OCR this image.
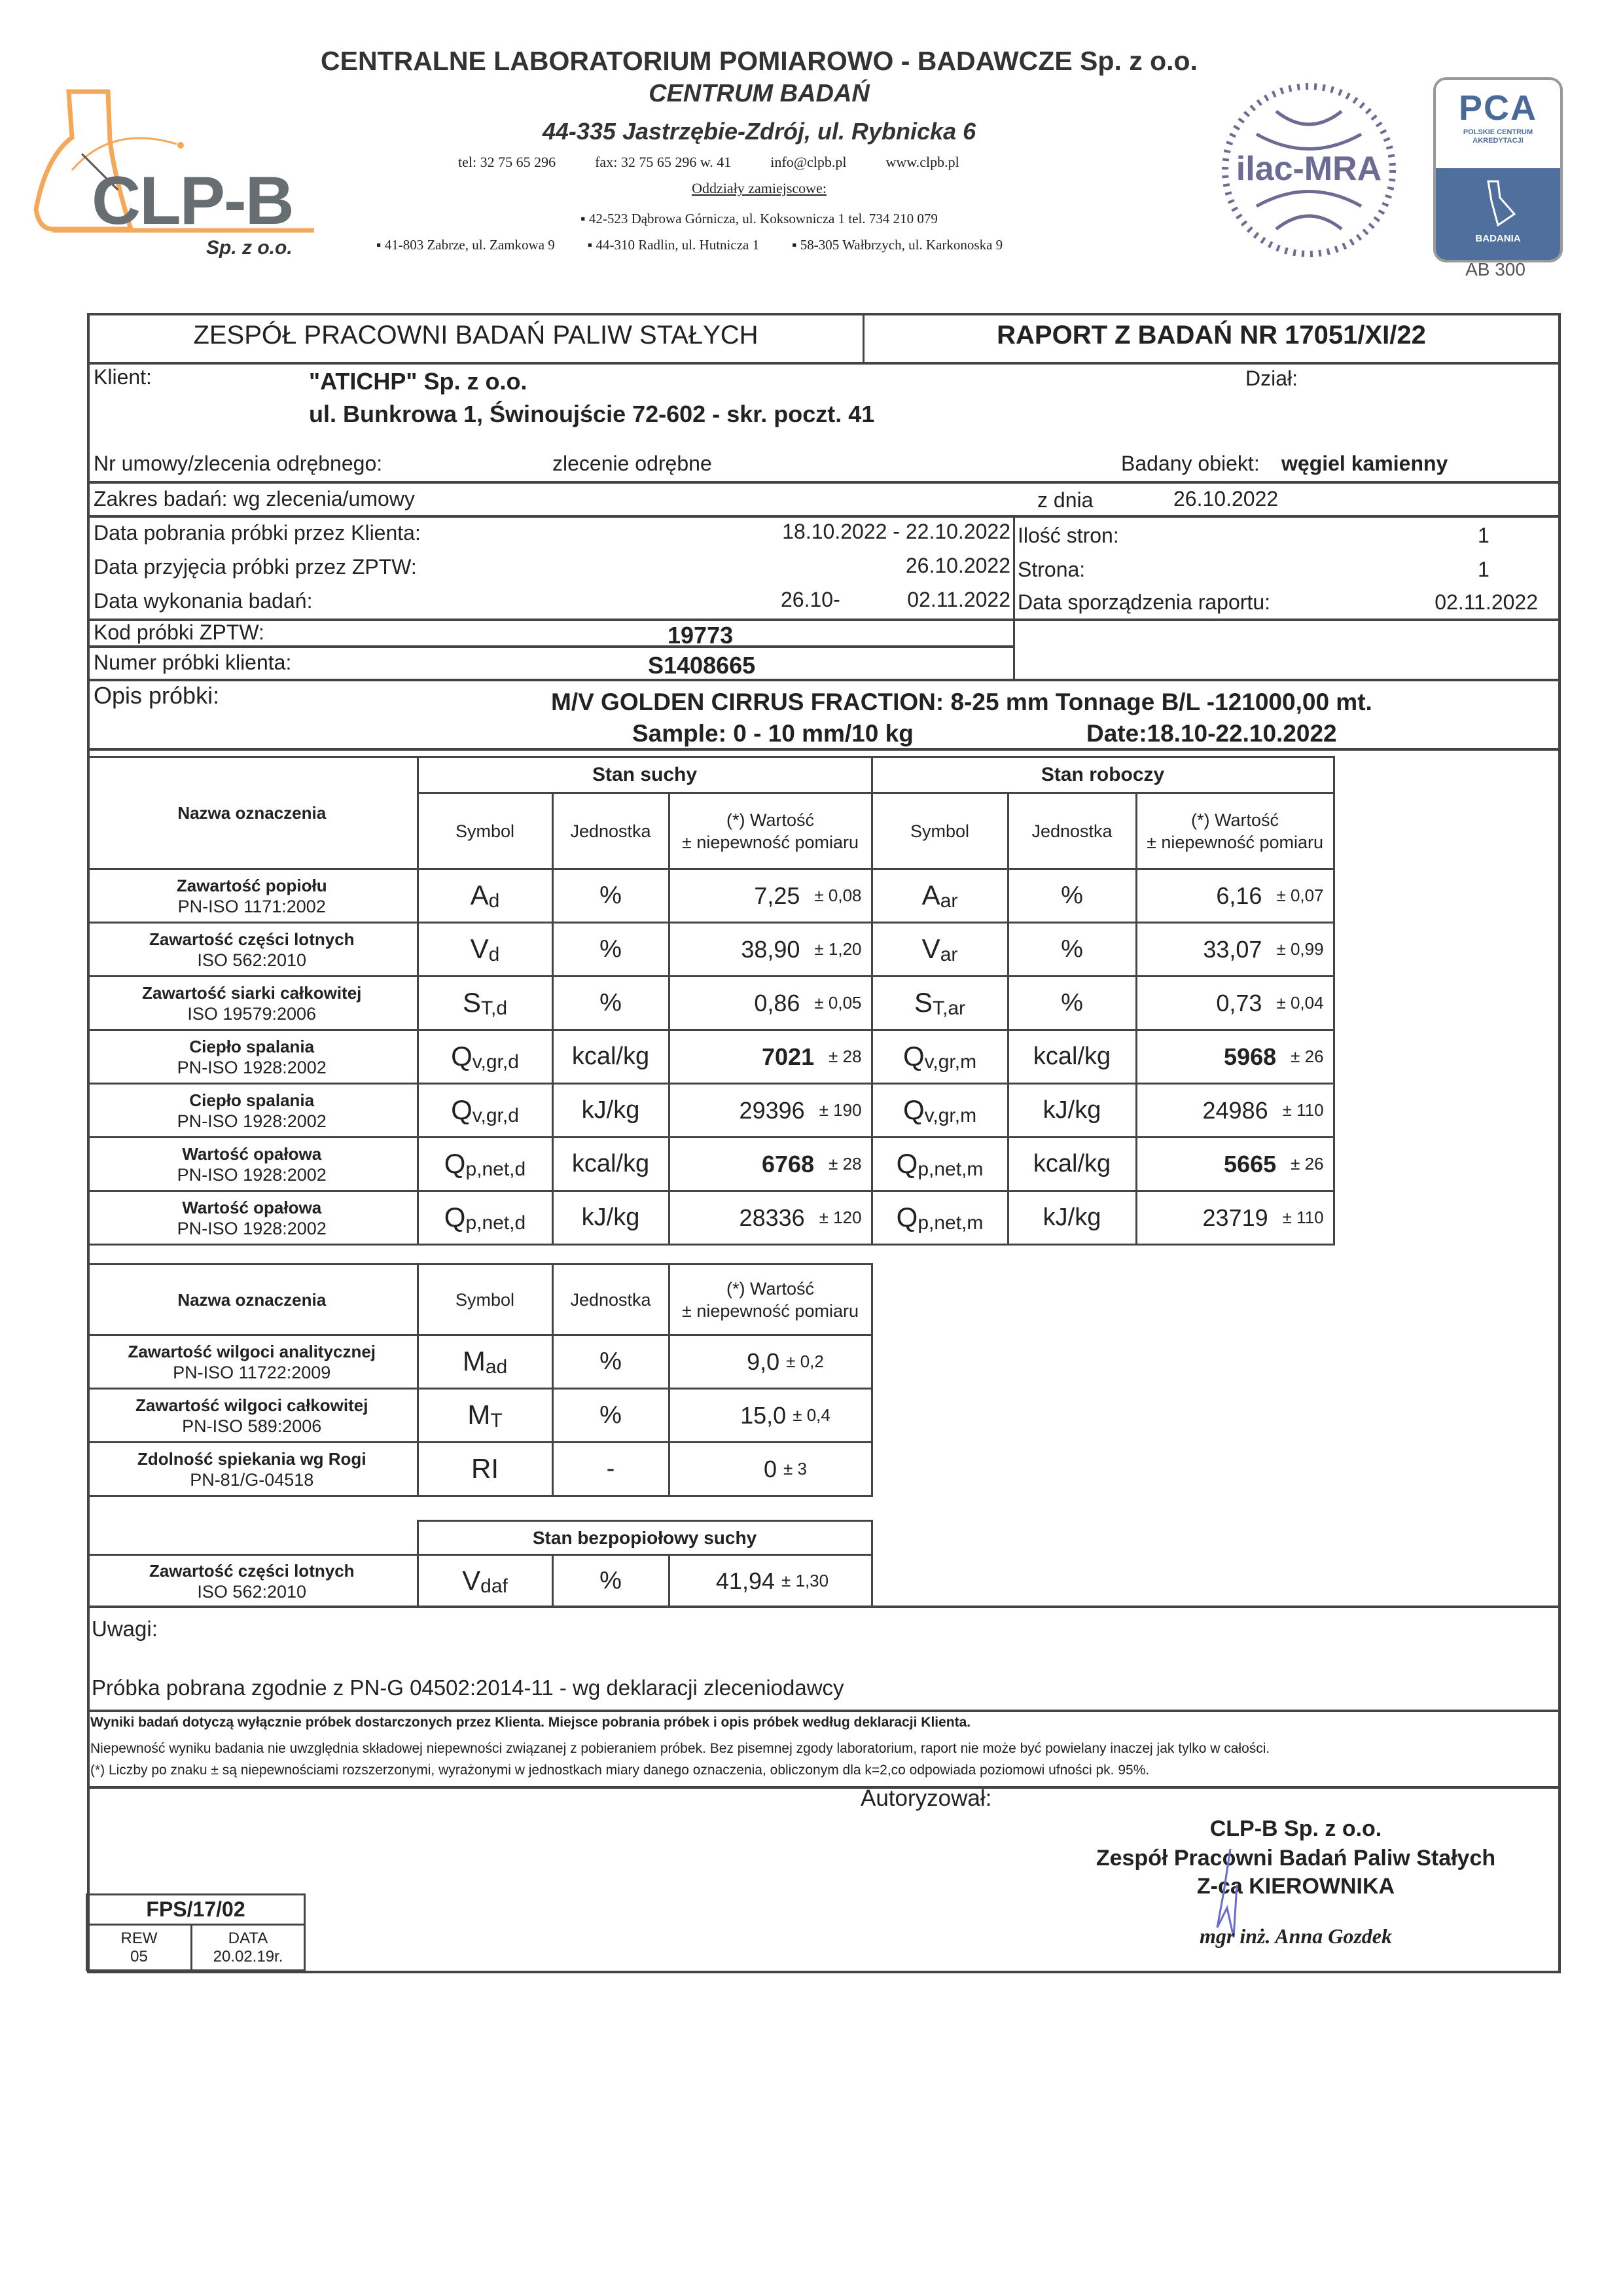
CLP-B
Sp. z o.o.
CENTRALNE LABORATORIUM POMIAROWO - BADAWCZE Sp. z o.o.
CENTRUM BADAŃ
44-335 Jastrzębie-Zdrój, ul. Rybnicka 6
tel: 32 75 65 296	fax: 32 75 65 296 w. 41	info@clpb.pl	www.clpb.pl
Oddziały zamiejscowe:
▪ 42-523 Dąbrowa Górnicza, ul. Koksownicza 1 tel. 734 210 079
▪ 41-803 Zabrze, ul. Zamkowa 9 ▪ 44-310 Radlin, ul. Hutnicza 1 ▪ 58-305 Wałbrzych, ul. Karkonoska 9
ilac-MRA
PCA
POLSKIE CENTRUM
AKREDYTACJI
BADANIA
AB 300
ZESPÓŁ PRACOWNI BADAŃ PALIW STAŁYCH	RAPORT Z BADAŃ NR 17051/XI/22
Klient:	"ATICHP" Sp. z o.o.
ul. Bunkrowa 1, Świnoujście 72-602 - skr. poczt. 41
Dział:
Nr umowy/zlecenia odrębnego:	zlecenie odrębne	Badany obiekt: węgiel kamienny
Zakres badań: wg zlecenia/umowy	z dnia	26.10.2022
Data pobrania próbki przez Klienta:	18.10.2022 - 22.10.2022 Ilość stron:	1
Data przyjęcia próbki przez ZPTW:	26.10.2022 Strona:	1
Data wykonania badań:	26.10-	02.11.2022 Data sporządzenia raportu:	02.11.2022
Kod próbki ZPTW:	19773
Numer próbki klienta:	S1408665
Opis próbki:	M/V GOLDEN CIRRUS FRACTION: 8-25 mm Tonnage B/L -121000,00 mt.
Sample: 0 - 10 mm/10 kg	Date:18.10-22.10.2022
Nazwa oznaczenia	Stan suchy			Stan roboczy		
Symbol	Jednostka	
(*) Wartość
± niepewność pomiaru
	Symbol	Jednostka	
(*) Wartość
± niepewność pomiaru

Zawartość popiołu
PN-ISO 1171:2002	$A_d$	%	7,25 ± 0,08	$A_{ar}$	%	6,16 ± 0,07

Zawartość części lotnych
ISO 562:2010	$V_d$	%	38,90 ± 1,20	$V_{ar}$	%	33,07 ± 0,99

Zawartość siarki całkowitej
ISO 19579:2006	$S_{T,d}$	%	0,86 ± 0,05	$S_{T,ar}$	%	0,73 ± 0,04

Ciepło spalania
PN-ISO 1928:2002	$Q_{v,gr,d}$	kcal/kg	7021 ± 28	$Q_{v,gr,m}$	kcal/kg	5968 ± 26

Ciepło spalania
PN-ISO 1928:2002	$Q_{v,gr,d}$	kJ/kg	29396 ± 190	$Q_{v,gr,m}$	kJ/kg	24986 ± 110

Wartość opałowa
PN-ISO 1928:2002	$Q_{p,net,d}$	kcal/kg	6768 ± 28	$Q_{p,net,m}$	kcal/kg	5665 ± 26

Wartość opałowa
PN-ISO 1928:2002	$Q_{p,net,d}$	kJ/kg	28336 ± 120	$Q_{p,net,m}$	kJ/kg	23719 ± 110
Nazwa oznaczenia	Symbol	Jednostka	(*) Wartość
± niepewność pomiaru

Zawartość wilgoci analitycznej
PN-ISO 11722:2009	$M_{ad}$	%	9,0 ± 0,2

Zawartość wilgoci całkowitej
PN-ISO 589:2006	$M_T$	%	15,0 ± 0,4

Zdolność spiekania wg Rogi
PN-81/G-04518	RI	-	0 ± 3
	Stan bezpopiołowy suchy		

Zawartość części lotnych
ISO 562:2010	$V_{daf}$	%	41,94 ± 1,30
Uwagi:
Próbka pobrana zgodnie z PN-G 04502:2014-11 - wg deklaracji zleceniodawcy
Wyniki badań dotyczą wyłącznie próbek dostarczonych przez Klienta. Miejsce pobrania próbek i opis próbek według deklaracji Klienta.
Niepewność wyniku badania nie uwzględnia składowej niepewności związanej z pobieraniem próbek. Bez pisemnej zgody laboratorium, raport nie może być powielany inaczej jak tylko w całości.
(*) Liczby po znaku ± są niepewnościami rozszerzonymi, wyrażonymi w jednostkach miary danego oznaczenia, obliczonym dla k=2,co odpowiada poziomowi ufności pk. 95%.
Autoryzował:
CLP-B Sp. z o.o.
Zespół Pracowni Badań Paliw Stałych
Z-ca KIEROWNIKA
mgr inż. Anna Gozdek
FPS/17/02

REW
05

DATA
20.02.19r.
